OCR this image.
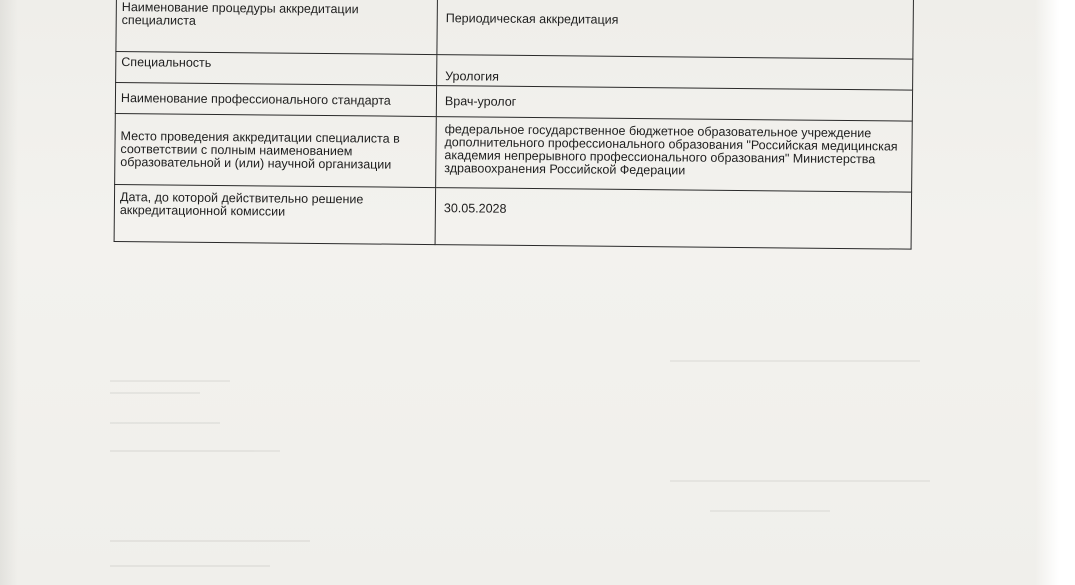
Наименование процедуры аккредитации специалиста	Периодическая аккредитация
Специальность	Урология
Наименование профессионального стандарта	Врач-уролог
Место проведения аккредитации специалиста в соответствии с полным наименованием образовательной и (или) научной организации	федеральное государственное бюджетное образовательное учреждение дополнительного профессионального образования "Российская медицинская академия непрерывного профессионального образования" Министерства здравоохранения Российской Федерации
Дата, до которой действительно решение аккредитационной комиссии	30.05.2028
